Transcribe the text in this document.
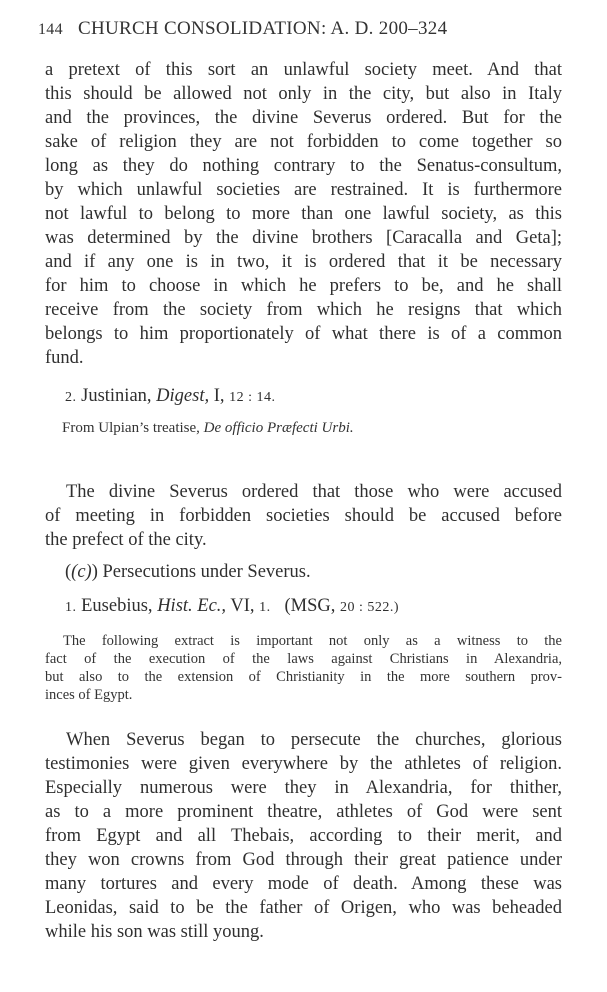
144 CHURCH CONSOLIDATION: A. D. 200–324
a pretext of this sort an unlawful society meet. And that
this should be allowed not only in the city, but also in Italy
and the provinces, the divine Severus ordered. But for the
sake of religion they are not forbidden to come together so
long as they do nothing contrary to the Senatus-consultum,
by which unlawful societies are restrained. It is furthermore
not lawful to belong to more than one lawful society, as this
was determined by the divine brothers [Caracalla and Geta];
and if any one is in two, it is ordered that it be necessary
for him to choose in which he prefers to be, and he shall
receive from the society from which he resigns that which
belongs to him proportionately of what there is of a common
fund.
2. Justinian, Digest, I, 12 : 14.
From Ulpian’s treatise, De officio Præfecti Urbi.
The divine Severus ordered that those who were accused
of meeting in forbidden societies should be accused before
the prefect of the city.
((c)) Persecutions under Severus.
1. Eusebius, Hist. Ec., VI, 1. (MSG, 20 : 522.)
The following extract is important not only as a witness to the
fact of the execution of the laws against Christians in Alexandria,
but also to the extension of Christianity in the more southern prov-
inces of Egypt.
When Severus began to persecute the churches, glorious
testimonies were given everywhere by the athletes of religion.
Especially numerous were they in Alexandria, for thither,
as to a more prominent theatre, athletes of God were sent
from Egypt and all Thebais, according to their merit, and
they won crowns from God through their great patience under
many tortures and every mode of death. Among these was
Leonidas, said to be the father of Origen, who was beheaded
while his son was still young.
